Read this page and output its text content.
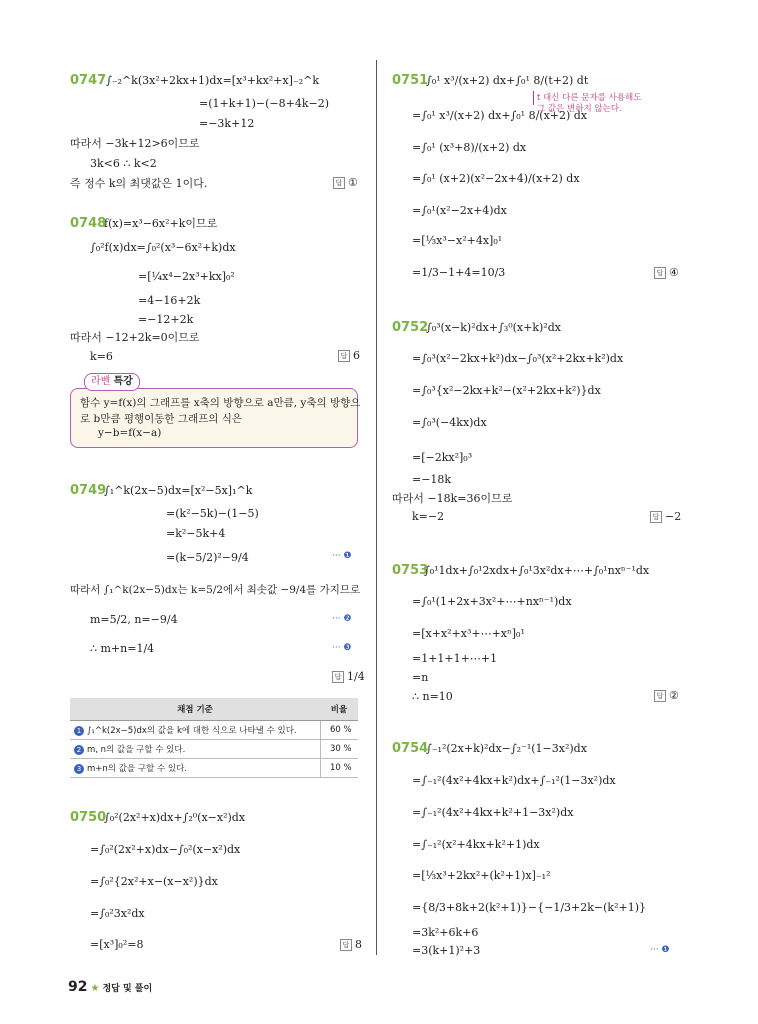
0747 ∫₋₂^k(3x²+2kx+1)dx=[x³+kx²+x]₋₂^k
=(1+k+1)−(−8+4k−2)
=−3k+12
따라서 −3k+12>6이므로
3k<6 ∴ k<2
즉 정수 k의 최댓값은 1이다.	답 ①
0748
f(x)=x³−6x²+k이므로
∫₀²f(x)dx=∫₀²(x³−6x²+k)dx
=[¼x⁴−2x³+kx]₀²
=4−16+2k
=−12+2k
따라서 −12+2k=0이므로
k=6	답 6
라벤 특강
함수 y=f(x)의 그래프를 x축의 방향으로 a만큼, y축의 방향으
로 b만큼 평행이동한 그래프의 식은
y−b=f(x−a)
0749
∫₁^k(2x−5)dx=[x²−5x]₁^k
=(k²−5k)−(1−5)
=k²−5k+4
=(k−5/2)²−9/4	··· ❶
따라서 ∫₁^k(2x−5)dx는 k=5/2에서 최솟값 −9/4를 가지므로
m=5/2, n=−9/4	··· ❷
∴ m+n=1/4	··· ❸
답 1/4
채점 기준	비율
1 ∫₁^k(2x−5)dx의 값을 k에 대한 식으로 나타낼 수 있다.	60 %
2 m, n의 값을 구할 수 있다.	30 %
3 m+n의 값을 구할 수 있다.	10 %
0750
∫₀²(2x²+x)dx+∫₂⁰(x−x²)dx
=∫₀²(2x²+x)dx−∫₀²(x−x²)dx
=∫₀²{2x²+x−(x−x²)}dx
=∫₀²3x²dx
=[x³]₀²=8	답 8
0751
∫₀¹ x³/(x+2) dx+∫₀¹ 8/(t+2) dt
t 대신 다른 문자를 사용해도
그 값은 변하지 않는다.
=∫₀¹ x³/(x+2) dx+∫₀¹ 8/(x+2) dx
=∫₀¹ (x³+8)/(x+2) dx
=∫₀¹ (x+2)(x²−2x+4)/(x+2) dx
=∫₀¹(x²−2x+4)dx
=[⅓x³−x²+4x]₀¹
=1/3−1+4=10/3	답 ④
0752
∫₀³(x−k)²dx+∫₃⁰(x+k)²dx
=∫₀³(x²−2kx+k²)dx−∫₀³(x²+2kx+k²)dx
=∫₀³{x²−2kx+k²−(x²+2kx+k²)}dx
=∫₀³(−4kx)dx
=[−2kx²]₀³
=−18k
따라서 −18k=36이므로
k=−2	답 −2
0753
∫₀¹1dx+∫₀¹2xdx+∫₀¹3x²dx+⋯+∫₀¹nxⁿ⁻¹dx
=∫₀¹(1+2x+3x²+⋯+nxⁿ⁻¹)dx
=[x+x²+x³+⋯+xⁿ]₀¹
=1+1+1+⋯+1
=n
∴ n=10	답 ②
0754
∫₋₁²(2x+k)²dx−∫₂⁻¹(1−3x²)dx
=∫₋₁²(4x²+4kx+k²)dx+∫₋₁²(1−3x²)dx
=∫₋₁²(4x²+4kx+k²+1−3x²)dx
=∫₋₁²(x²+4kx+k²+1)dx
=[⅓x³+2kx²+(k²+1)x]₋₁²
={8/3+8k+2(k²+1)}−{−1/3+2k−(k²+1)}
=3k²+6k+6
=3(k+1)²+3	··· ❶
92 ★ 정답 및 풀이
